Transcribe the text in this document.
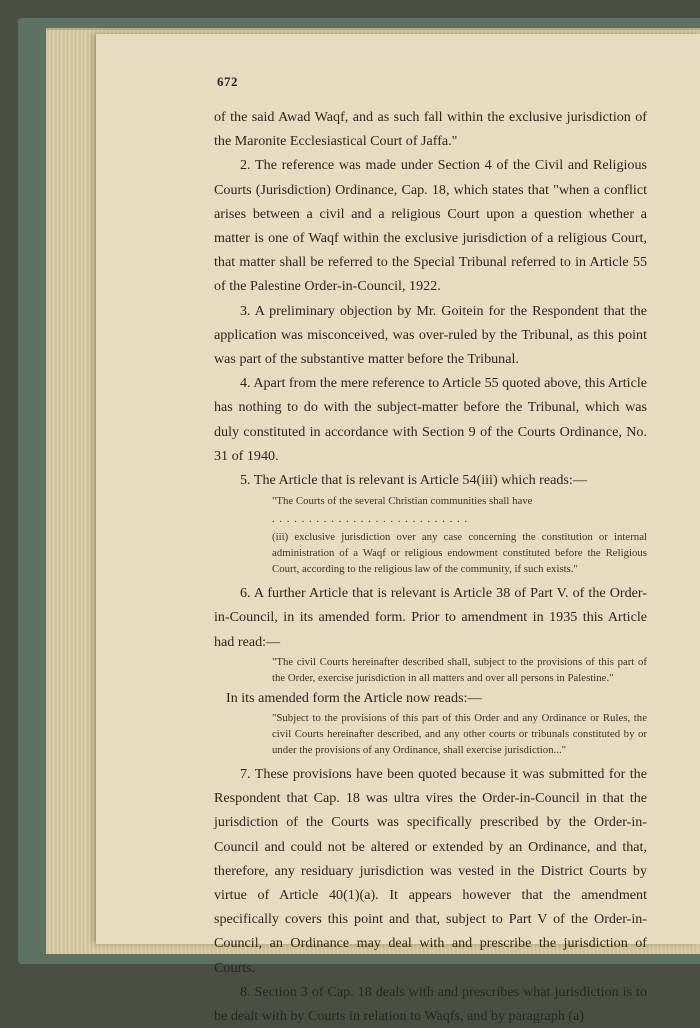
672

of the said Awad Waqf, and as such fall within the exclusive jurisdiction of the Maronite Ecclesiastical Court of Jaffa."

2. The reference was made under Section 4 of the Civil and Religious Courts (Jurisdiction) Ordinance, Cap. 18, which states that "when a conflict arises between a civil and a religious Court upon a question whether a matter is one of Waqf within the exclusive jurisdiction of a religious Court, that matter shall be referred to the Special Tribunal referred to in Article 55 of the Palestine Order-in-Council, 1922.

3. A preliminary objection by Mr. Goitein for the Respondent that the application was misconceived, was over-ruled by the Tribunal, as this point was part of the substantive matter before the Tribunal.

4. Apart from the mere reference to Article 55 quoted above, this Article has nothing to do with the subject-matter before the Tribunal, which was duly constituted in accordance with Section 9 of the Courts Ordinance, No. 31 of 1940.

5. The Article that is relevant is Article 54(iii) which reads:—

"The Courts of the several Christian communities shall have

. . . . . . . . . . . . . . . . . . . . . . . . . . .

(iii) exclusive jurisdiction over any case concerning the constitution or internal administration of a Waqf or religious endowment constituted before the Religious Court, according to the religious law of the community, if such exists."

6. A further Article that is relevant is Article 38 of Part V. of the Order-in-Council, in its amended form. Prior to amendment in 1935 this Article had read:—

"The civil Courts hereinafter described shall, subject to the provisions of this part of the Order, exercise jurisdiction in all matters and over all persons in Palestine."

In its amended form the Article now reads:—

"Subject to the provisions of this part of this Order and any Ordinance or Rules, the civil Courts hereinafter described, and any other courts or tribunals constituted by or under the provisions of any Ordinance, shall exercise jurisdiction..."

7. These provisions have been quoted because it was submitted for the Respondent that Cap. 18 was ultra vires the Order-in-Council in that the jurisdiction of the Courts was specifically prescribed by the Order-in-Council and could not be altered or extended by an Ordinance, and that, therefore, any residuary jurisdiction was vested in the District Courts by virtue of Article 40(1)(a). It appears however that the amendment specifically covers this point and that, subject to Part V of the Order-in-Council, an Ordinance may deal with and prescribe the jurisdiction of Courts.

8. Section 3 of Cap. 18 deals with and prescribes what jurisdiction is to be dealt with by Courts in relation to Waqfs, and by paragraph (a)
